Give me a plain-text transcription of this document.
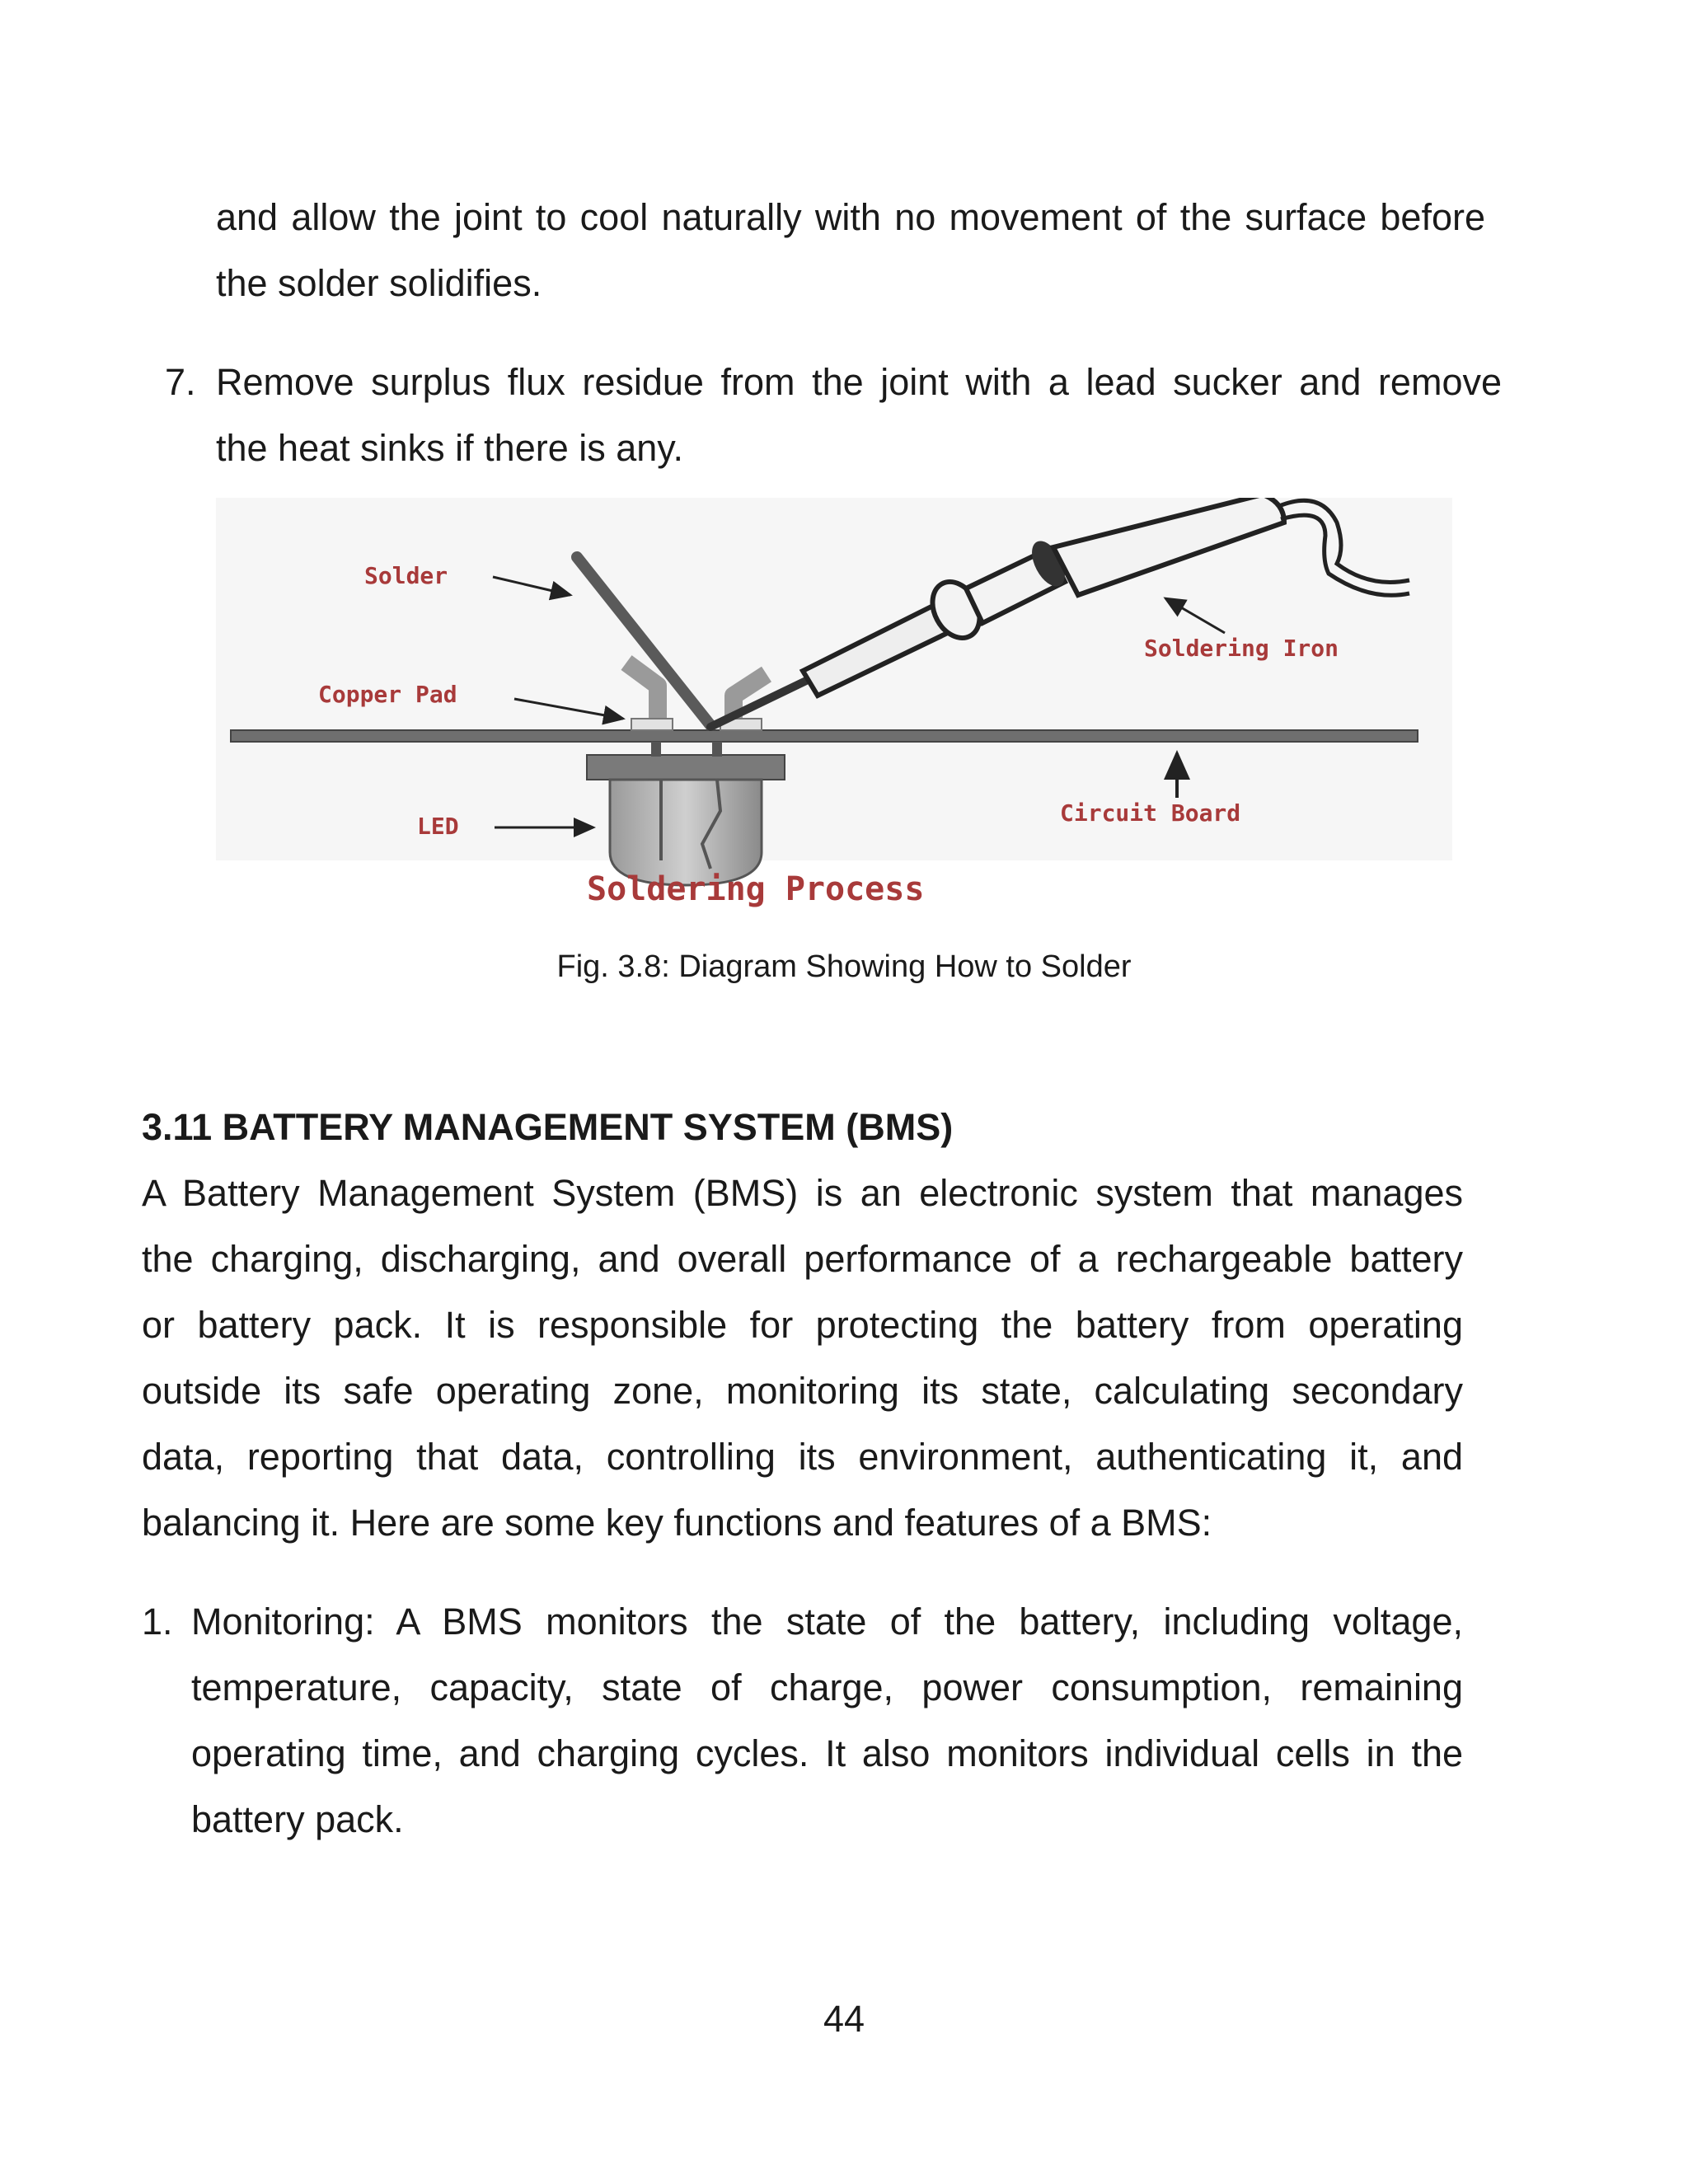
and allow the joint to cool naturally with no movement of the surface before
the solder solidifies.
7. Remove surplus flux residue from the joint with a lead sucker and remove
the heat sinks if there is any.
Solder
Copper Pad
LED
Soldering Iron
Circuit Board
Soldering Process

Fig. 3.8: Diagram Showing How to Solder

3.11 BATTERY MANAGEMENT SYSTEM (BMS)
A Battery Management System (BMS) is an electronic system that manages
the charging, discharging, and overall performance of a rechargeable battery
or battery pack. It is responsible for protecting the battery from operating
outside its safe operating zone, monitoring its state, calculating secondary
data, reporting that data, controlling its environment, authenticating it, and
balancing it. Here are some key functions and features of a BMS:
1. Monitoring: A BMS monitors the state of the battery, including voltage,
temperature, capacity, state of charge, power consumption, remaining
operating time, and charging cycles. It also monitors individual cells in the
battery pack.

44
